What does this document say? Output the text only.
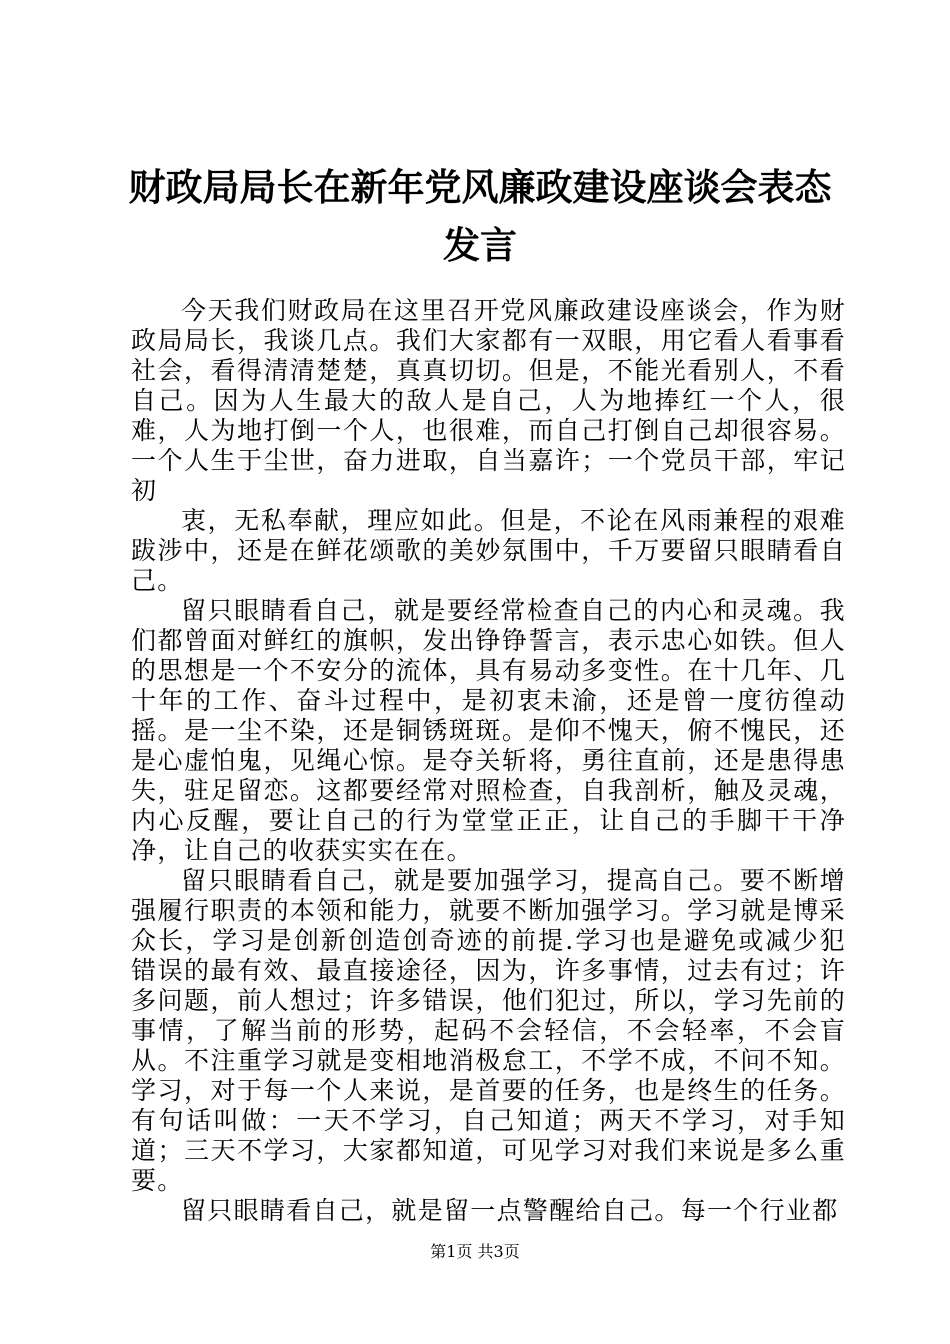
财政局局长在新年党风廉政建设座谈会表态发言

今天我们财政局在这里召开党风廉政建设座谈会，作为财政局局长，我谈几点。我们大家都有一双眼，用它看人看事看社会，看得清清楚楚，真真切切。但是，不能光看别人，不看自己。因为人生最大的敌人是自己，人为地捧红一个人，很难，人为地打倒一个人，也很难，而自己打倒自己却很容易。一个人生于尘世，奋力进取，自当嘉许；一个党员干部，牢记初

衷，无私奉献，理应如此。但是，不论在风雨兼程的艰难跋涉中，还是在鲜花颂歌的美妙氛围中，千万要留只眼睛看自己。

留只眼睛看自己，就是要经常检查自己的内心和灵魂。我们都曾面对鲜红的旗帜，发出铮铮誓言，表示忠心如铁。但人的思想是一个不安分的流体，具有易动多变性。在十几年、几十年的工作、奋斗过程中，是初衷未渝，还是曾一度彷徨动摇。是一尘不染，还是铜锈斑斑。是仰不愧天，俯不愧民，还是心虚怕鬼，见绳心惊。是夺关斩将，勇往直前，还是患得患失，驻足留恋。这都要经常对照检查，自我剖析，触及灵魂，内心反醒，要让自己的行为堂堂正正，让自己的手脚干干净净，让自己的收获实实在在。

留只眼睛看自己，就是要加强学习，提高自己。要不断增强履行职责的本领和能力，就要不断加强学习。学习就是博采众长，学习是创新创造创奇迹的前提.学习也是避免或减少犯错误的最有效、最直接途径，因为，许多事情，过去有过；许多问题，前人想过；许多错误，他们犯过，所以，学习先前的事情，了解当前的形势，起码不会轻信，不会轻率，不会盲从。不注重学习就是变相地消极怠工，不学不成，不问不知。学习，对于每一个人来说，是首要的任务，也是终生的任务。有句话叫做：一天不学习，自己知道；两天不学习，对手知道；三天不学习，大家都知道，可见学习对我们来说是多么重要。

留只眼睛看自己，就是留一点警醒给自己。每一个行业都

第1页 共3页
